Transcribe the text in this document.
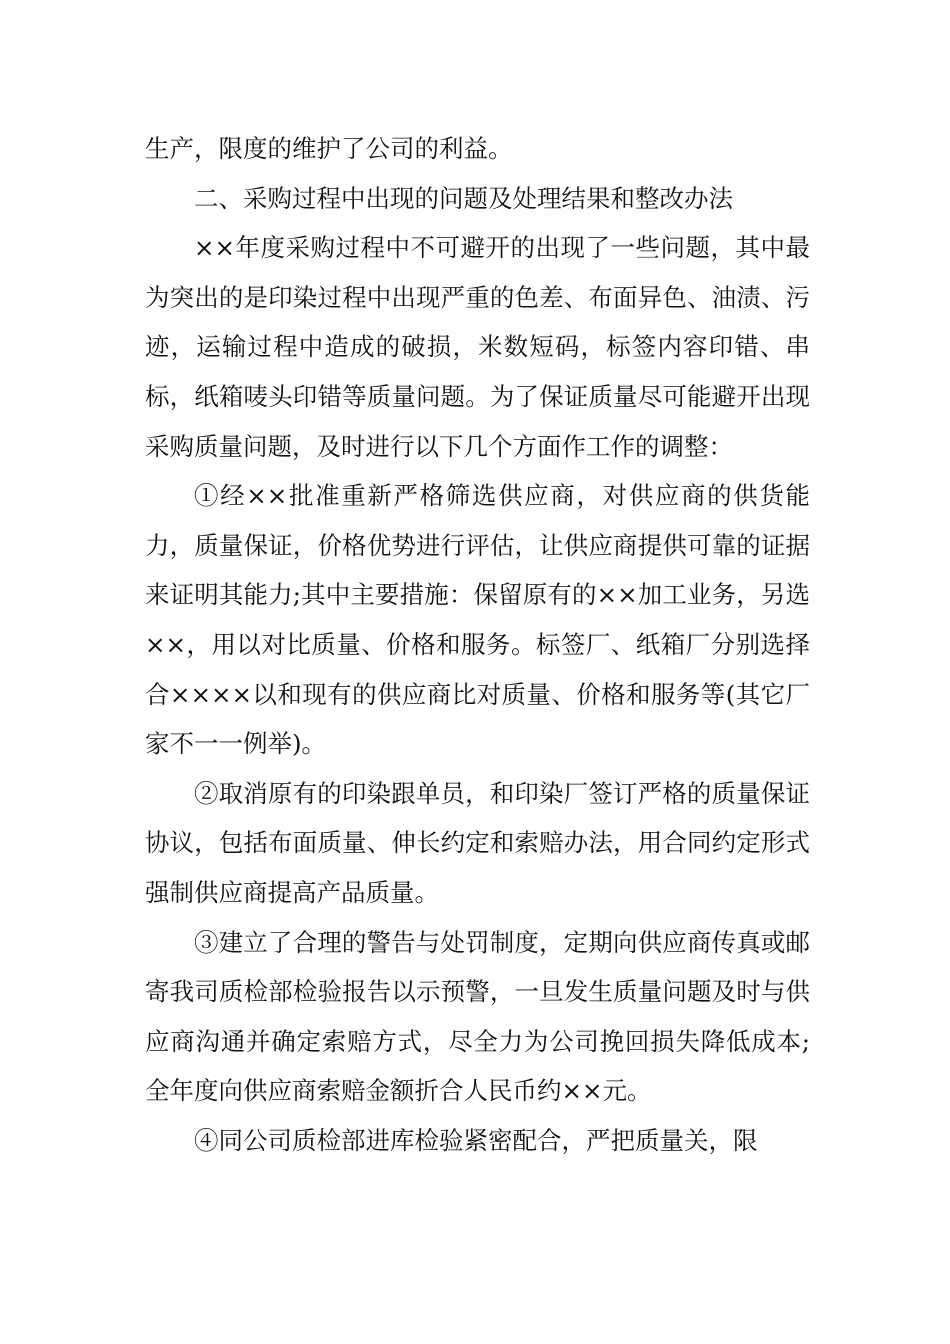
生产，限度的维护了公司的利益。

二、采购过程中出现的问题及处理结果和整改办法

××年度采购过程中不可避开的出现了一些问题，其中最为突出的是印染过程中出现严重的色差、布面异色、油渍、污迹，运输过程中造成的破损，米数短码，标签内容印错、串标，纸箱唛头印错等质量问题。为了保证质量尽可能避开出现采购质量问题，及时进行以下几个方面作工作的调整：

①经××批准重新严格筛选供应商，对供应商的供货能力，质量保证，价格优势进行评估，让供应商提供可靠的证据来证明其能力;其中主要措施：保留原有的××加工业务，另选××，用以对比质量、价格和服务。标签厂、纸箱厂分别选择合××××以和现有的供应商比对质量、价格和服务等(其它厂家不一一例举)。

②取消原有的印染跟单员，和印染厂签订严格的质量保证协议，包括布面质量、伸长约定和索赔办法，用合同约定形式强制供应商提高产品质量。

③建立了合理的警告与处罚制度，定期向供应商传真或邮寄我司质检部检验报告以示预警，一旦发生质量问题及时与供应商沟通并确定索赔方式，尽全力为公司挽回损失降低成本;全年度向供应商索赔金额折合人民币约××元。

④同公司质检部进库检验紧密配合，严把质量关，限
